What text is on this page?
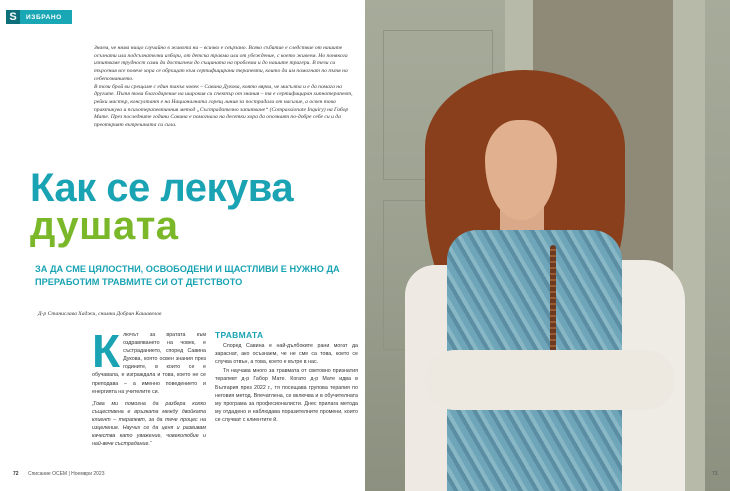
S	ИЗБРАНО

Знаем, че няма нищо случайно в живота ни – всичко е свързано. Всяко събитие е следствие от нашите осъзнати или подсъзнателни избори, от детска травма или от убеждение, с което живеем. Но понякога изпитваме трудност сами да достигнем до същината на проблема и до нашите тригери. В тези си търсения все повече хора се обръщат към сертифицирани терапевти, които да им помогнат по пътя на себепознанието.

В този брой ви срещаме с един такъв човек – Савина Дукова, която вярва, че мисълта и е да помага на другите. Пътя това благодарение на широкия си спектър от знания – тя е сертифициран хипнотерапевт, рейки мастър, консултант е на Националната горещ линия за пострадали от насилие, а освен това практикува и психотерапевтичния метод „Състрадателно запитване“ (Compassionate Inquiry) на Габор Мате. През последните години Савина е помогнала на десетки хора да опознаят по-добре себе си и да преоткрият вътрешната си сила.

Как се лекува
душата
ЗА ДА СМЕ ЦЯЛОСТНИ, ОСВОБОДЕНИ И ЩАСТЛИВИ Е НУЖНО ДА ПРЕРАБОТИМ ТРАВМИТЕ СИ ОТ ДЕТСТВОТО
Д-р Станислава Хаджи, снимки Добрин Кашавелов
К лючът за вратата към оздравяването на човек, е състраданието, според Савина Дукова, която освен знания през годините, в които се е обучавала, е изграждала и това, което не се преподава – а именно поведението и енергията на учителите си.

„Това ми помогна да разбера колко съществена е връзката между двойката клиент – терапевт, за да тече процес на изцеление. Научих се да ценя и развивам качества като уважение, човеколюбие и най-вече състрадание.“

ТРАВМАТА

Според Савина е най-дълбоките рани могат да зараснат, ако осъзнаем, че не сме са това, което се случва отвън, а това, което е вътре в нас.

Тя научава много за травмата от световно признатия терапевт д-р Габор Мате. Когато д-р Мате идва в България през 2022 г., тя посещава групова терапия по неговия метод. Впечатлена, се включва и в обучителната му програма за професионалисти. Днес прилага метода му отдадено и наблюдава поразителните промени, които се случват с клиентите й.

72 Списание ОСЕМ | Ноември 2023	73
